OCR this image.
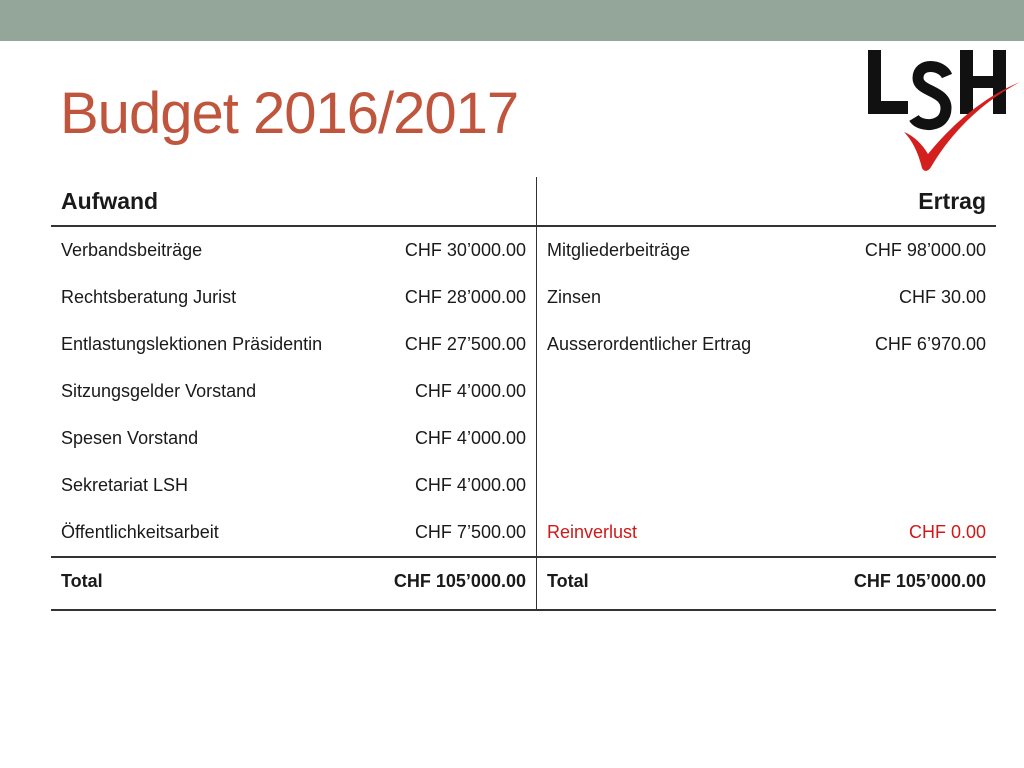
Budget 2016/2017
Aufwand			Ertrag
Verbandsbeiträge	CHF 30’000.00	Mitgliederbeiträge	CHF 98’000.00
Rechtsberatung Jurist	CHF 28’000.00	Zinsen	CHF 30.00
Entlastungslektionen Präsidentin	CHF 27’500.00	Ausserordentlicher Ertrag	CHF 6’970.00
Sitzungsgelder Vorstand	CHF 4’000.00		
Spesen Vorstand	CHF 4’000.00		
Sekretariat LSH	CHF 4’000.00		
Öffentlichkeitsarbeit	CHF 7’500.00	Reinverlust	CHF 0.00
Total	CHF 105’000.00	Total	CHF 105’000.00
